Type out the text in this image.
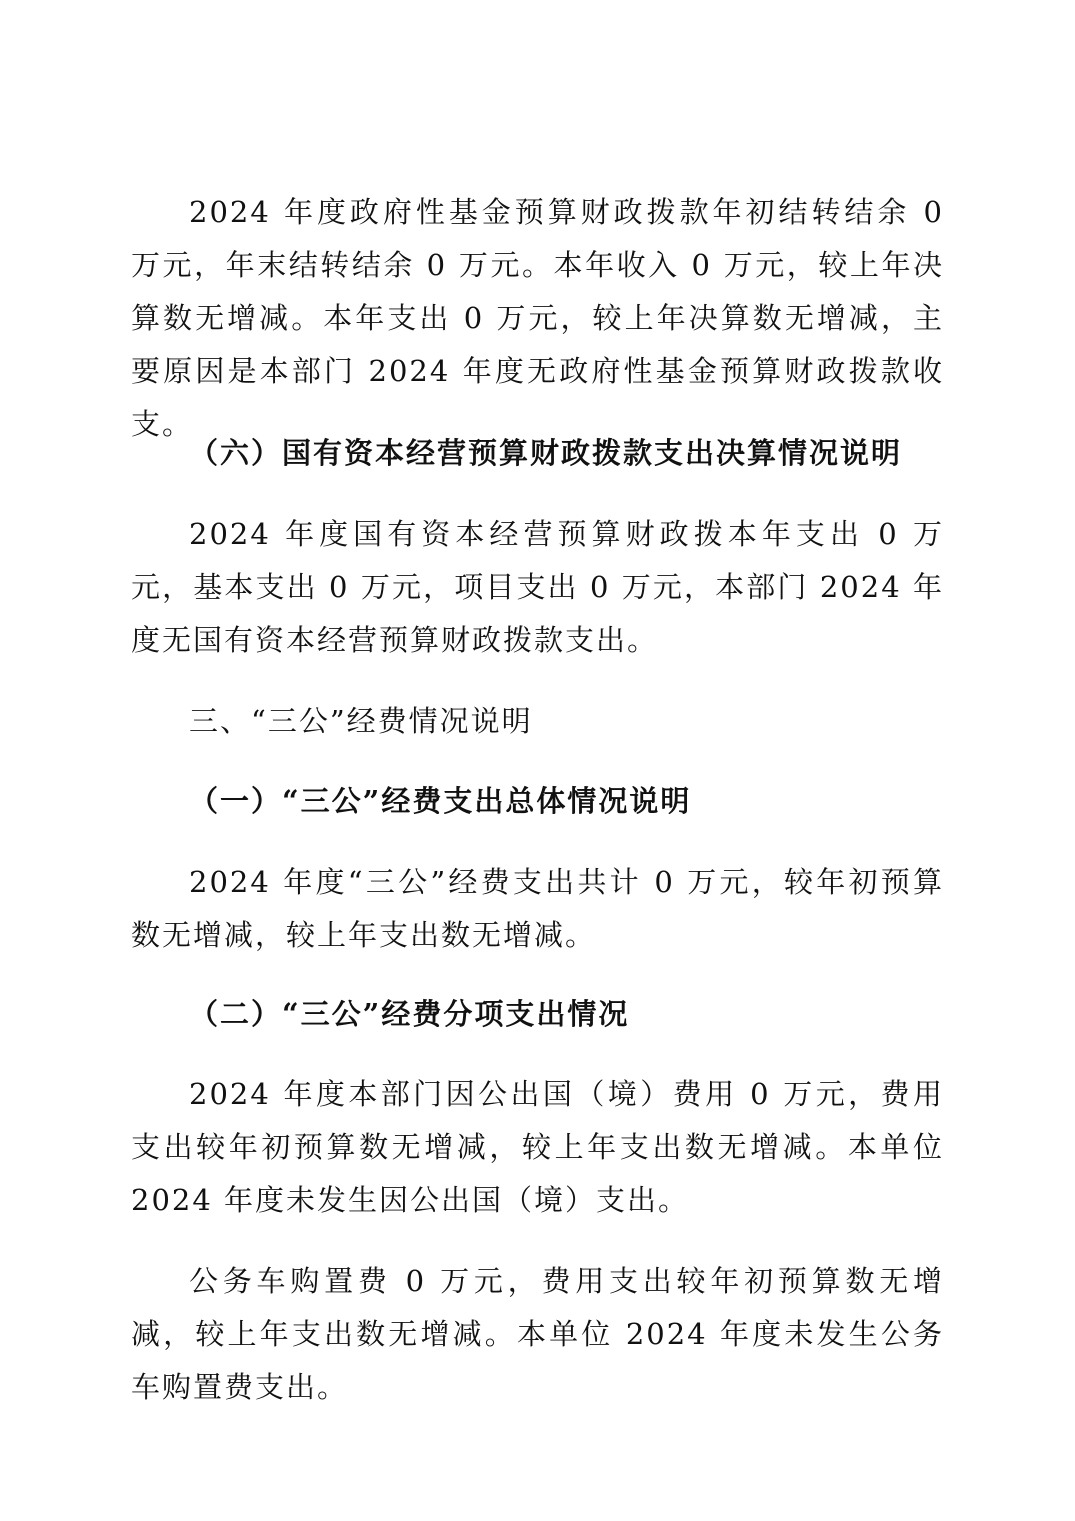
2024 年度政府性基金预算财政拨款年初结转结余 0 万元，年末结转结余 0 万元。本年收入 0 万元，较上年决算数无增减。本年支出 0 万元，较上年决算数无增减，主要原因是本部门 2024 年度无政府性基金预算财政拨款收支。

（六）国有资本经营预算财政拨款支出决算情况说明

2024 年度国有资本经营预算财政拨本年支出 0 万元，基本支出 0 万元，项目支出 0 万元，本部门 2024 年度无国有资本经营预算财政拨款支出。

三、“三公”经费情况说明

（一）“三公”经费支出总体情况说明

2024 年度“三公”经费支出共计 0 万元，较年初预算数无增减，较上年支出数无增减。

（二）“三公”经费分项支出情况

2024 年度本部门因公出国（境）费用 0 万元，费用支出较年初预算数无增减，较上年支出数无增减。本单位 2024 年度未发生因公出国（境）支出。

公务车购置费 0 万元，费用支出较年初预算数无增减，较上年支出数无增减。本单位 2024 年度未发生公务车购置费支出。
